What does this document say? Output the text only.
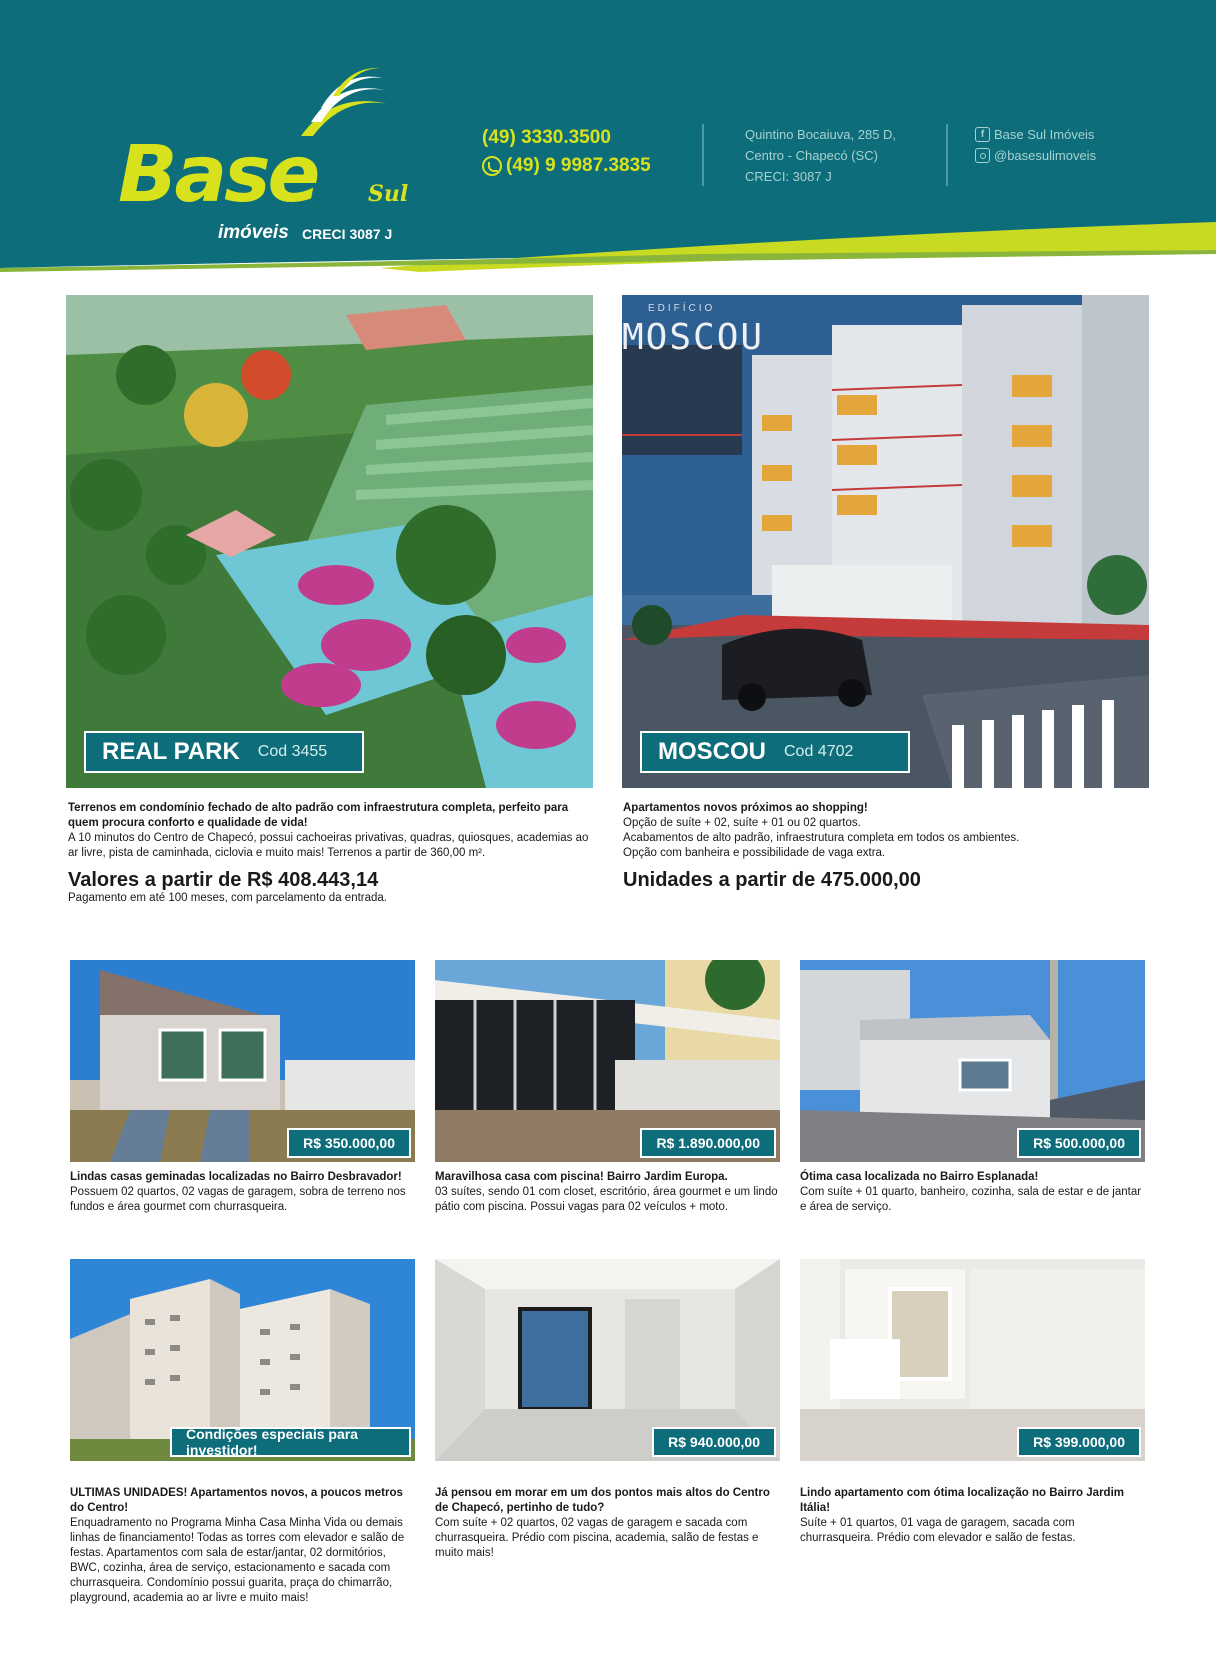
Base Sul
imóveis CRECI 3087 J
(49) 3330.3500
(49) 9 9987.3835
Quintino Bocaiuva, 285 D,
Centro - Chapecó (SC)
CRECI: 3087 J
f Base Sul Imóveis
@basesulimoveis
REAL PARK Cod 3455
Terrenos em condomínio fechado de alto padrão com infraestrutura completa, perfeito para quem procura conforto e qualidade de vida!
A 10 minutos do Centro de Chapecó, possui cachoeiras privativas, quadras, quiosques, academias ao ar livre, pista de caminhada, ciclovia e muito mais! Terrenos a partir de 360,00 m².
Valores a partir de R$ 408.443,14
Pagamento em até 100 meses, com parcelamento da entrada.
EDIFÍCIO
MOSCOU
MOSCOU Cod 4702
Apartamentos novos próximos ao shopping!
Opção de suíte + 02, suíte + 01 ou 02 quartos.
Acabamentos de alto padrão, infraestrutura completa em todos os ambientes.
Opção com banheira e possibilidade de vaga extra.
Unidades a partir de 475.000,00
R$ 350.000,00
Lindas casas geminadas localizadas no Bairro Desbravador!
Possuem 02 quartos, 02 vagas de garagem, sobra de terreno nos fundos e área gourmet com churrasqueira.
R$ 1.890.000,00
Maravilhosa casa com piscina! Bairro Jardim Europa.
03 suítes, sendo 01 com closet, escritório, área gourmet e um lindo pátio com piscina. Possui vagas para 02 veículos + moto.
R$ 500.000,00
Ótima casa localizada no Bairro Esplanada!
Com suíte + 01 quarto, banheiro, cozinha, sala de estar e de jantar e área de serviço.
Condições especiais para investidor!
ULTIMAS UNIDADES! Apartamentos novos, a poucos metros do Centro!
Enquadramento no Programa Minha Casa Minha Vida ou demais linhas de financiamento! Todas as torres com elevador e salão de festas. Apartamentos com sala de estar/jantar, 02 dormitórios, BWC, cozinha, área de serviço, estacionamento e sacada com churrasqueira. Condomínio possui guarita, praça do chimarrão, playground, academia ao ar livre e muito mais!
R$ 940.000,00
Já pensou em morar em um dos pontos mais altos do Centro de Chapecó, pertinho de tudo?
Com suíte + 02 quartos, 02 vagas de garagem e sacada com churrasqueira. Prédio com piscina, academia, salão de festas e muito mais!
R$ 399.000,00
Lindo apartamento com ótima localização no Bairro Jardim Itália!
Suíte + 01 quartos, 01 vaga de garagem, sacada com churrasqueira. Prédio com elevador e salão de festas.
